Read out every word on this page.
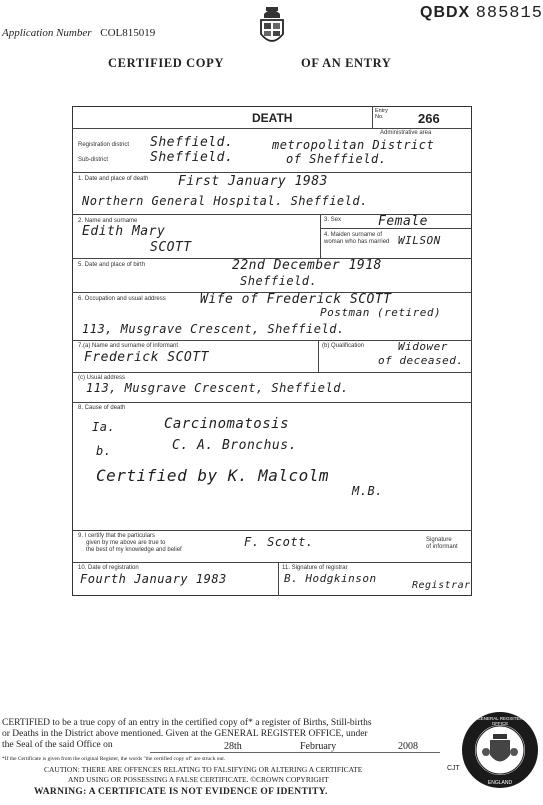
QBDX 885815
Application Number COL815019
CERTIFIED COPY	OF AN ENTRY
DEATH	Entry No.	266
Registration district Sheffield.
Administrative area
metropolitan District
of Sheffield.
Sub-district	Sheffield.
1. Date and place of death First January 1983
Northern General Hospital. Sheffield.
2. Name and surname
Edith Mary
SCOTT
3. Sex	Female
4. Maiden surname of woman who has married WILSON
5. Date and place of birth	22nd December 1918
Sheffield.
6. Occupation and usual address	Wife of Frederick SCOTT
Postman (retired)
113, Musgrave Crescent, Sheffield.
7.(a) Name and surname of informant
Frederick SCOTT
(b) Qualification	Widower
of deceased.
(c) Usual address
113, Musgrave Crescent, Sheffield.
8. Cause of death
Ia.	Carcinomatosis
b.	C. A. Bronchus.
Certified by K. Malcolm
M.B.
9. I certify that the particulars
given by me above are true to
the best of my knowledge and belief
F. Scott.	Signature
of informant
10. Date of registration
Fourth January 1983
11. Signature of registrar
B. Hodgkinson
Registrar
CERTIFIED to be a true copy of an entry in the certified copy of* a register of Births, Still-births
or Deaths in the District above mentioned. Given at the GENERAL REGISTER OFFICE, under
the Seal of the said Office on	28th	February	2008
*If the Certificate is given from the original Register, the words "the certified copy of" are struck out.
CAUTION: THERE ARE OFFENCES RELATING TO FALSIFYING OR ALTERING A CERTIFICATE
AND USING OR POSSESSING A FALSE CERTIFICATE. ©CROWN COPYRIGHT
WARNING: A CERTIFICATE IS NOT EVIDENCE OF IDENTITY.
CJT
GENERAL REGISTER OFFICE
ENGLAND
